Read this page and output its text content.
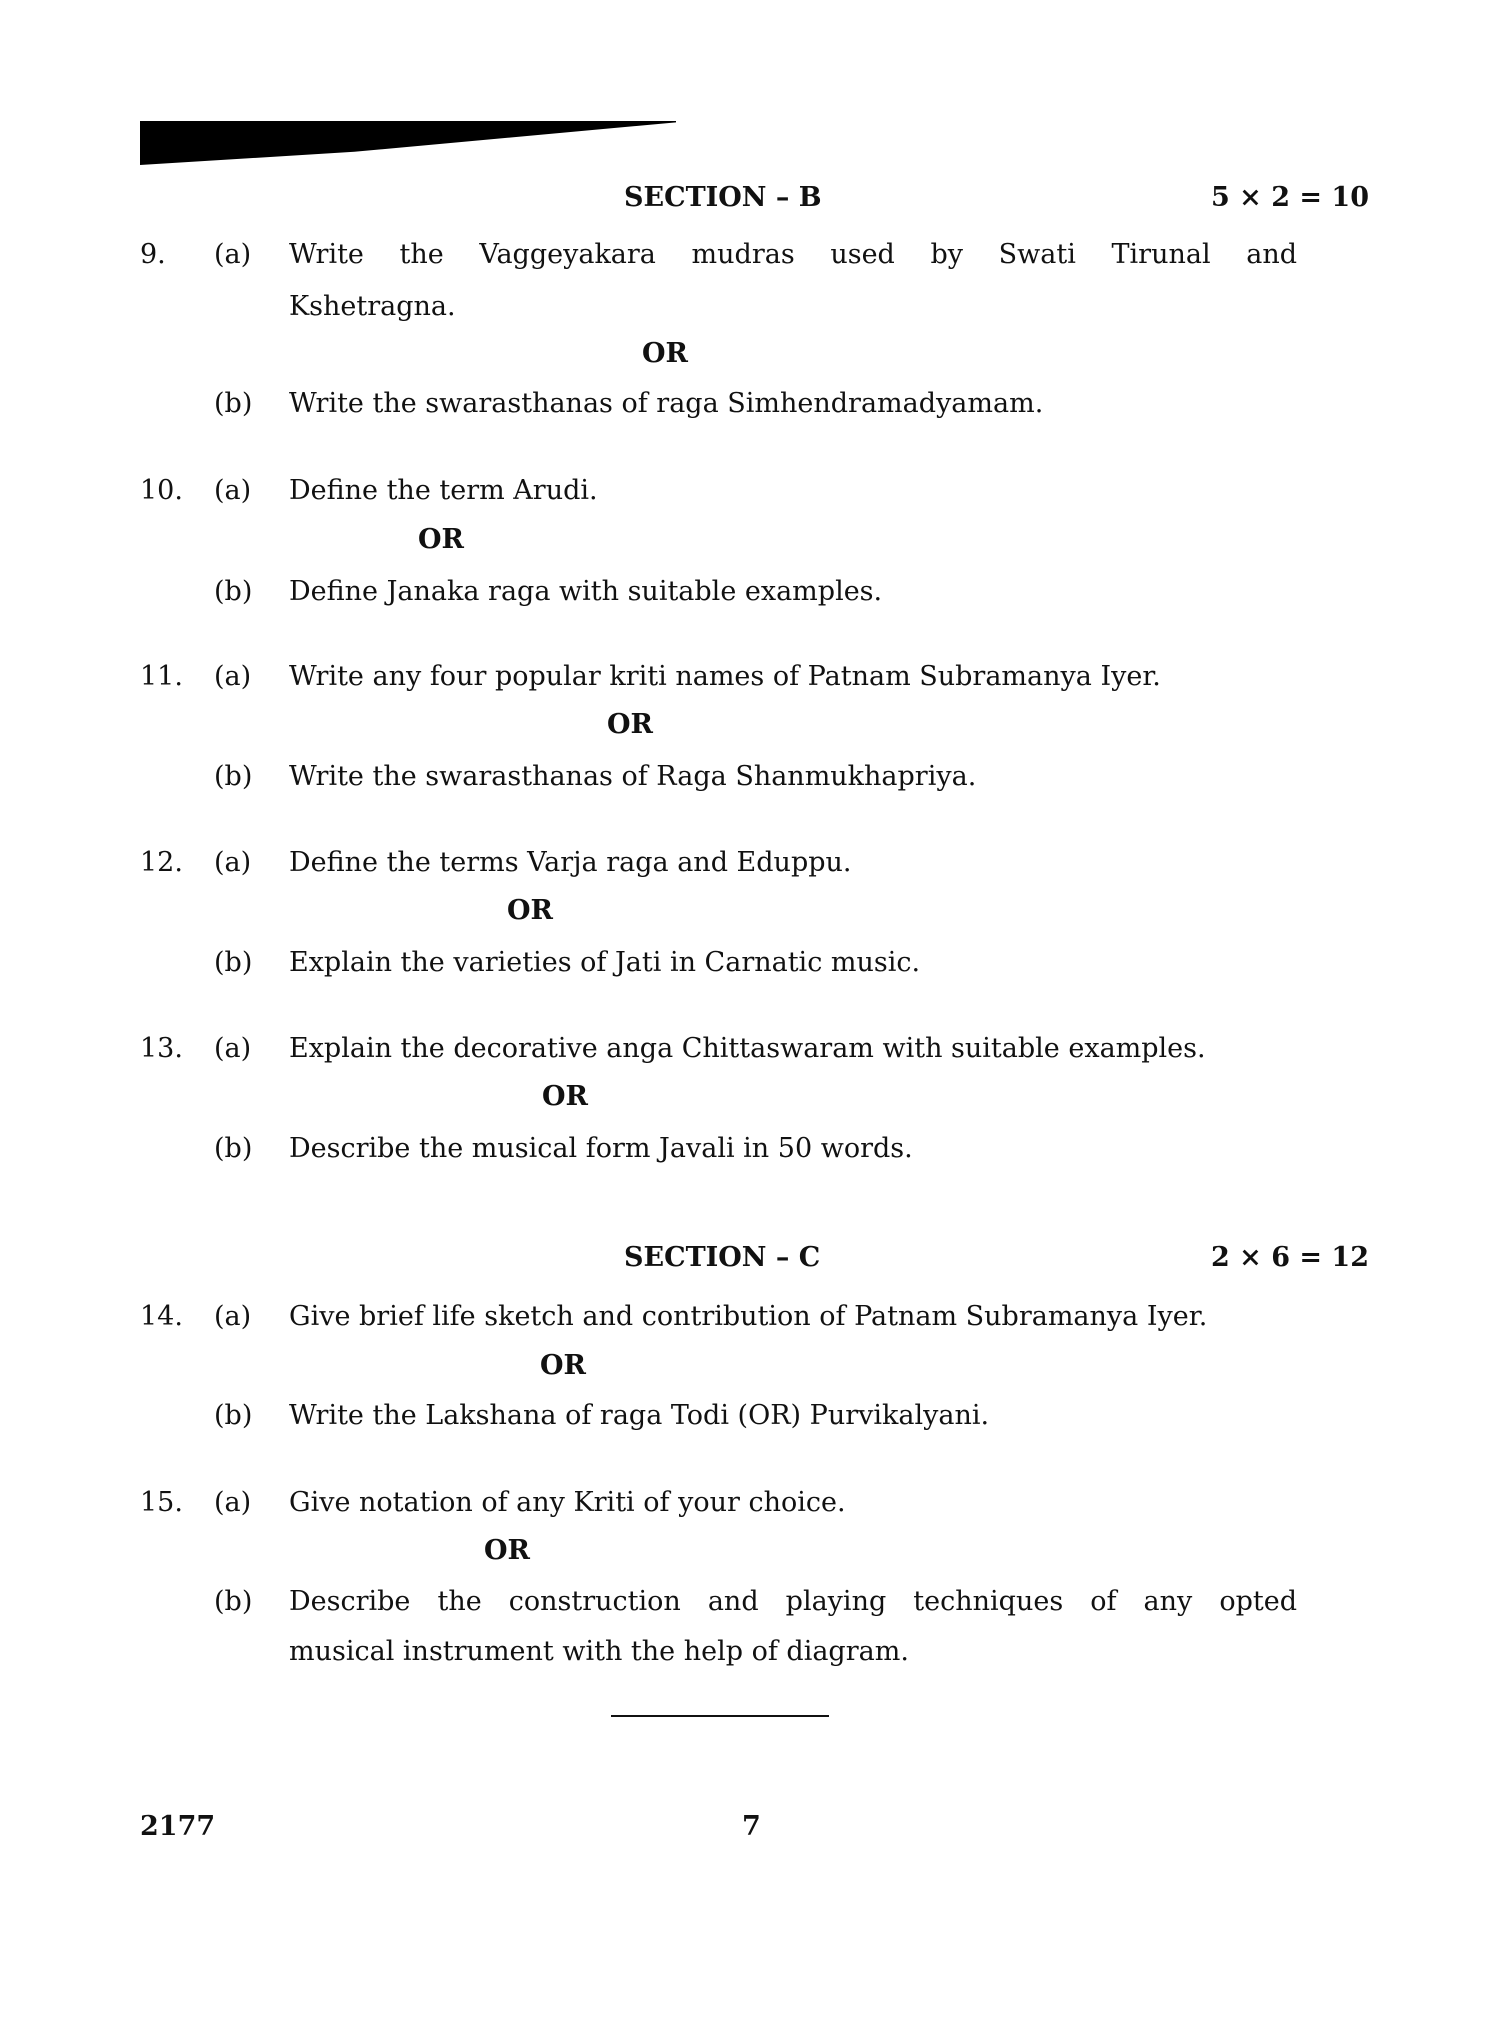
SECTION – B	5 × 2 = 10
9. (a) Write the Vaggeyakara mudras used by Swati Tirunal and
Kshetragna.
OR
(b) Write the swarasthanas of raga Simhendramadyamam.
10. (a) Define the term Arudi.
OR
(b) Define Janaka raga with suitable examples.
11. (a) Write any four popular kriti names of Patnam Subramanya Iyer.
OR
(b) Write the swarasthanas of Raga Shanmukhapriya.
12. (a) Define the terms Varja raga and Eduppu.
OR
(b) Explain the varieties of Jati in Carnatic music.
13. (a) Explain the decorative anga Chittaswaram with suitable examples.
OR
(b) Describe the musical form Javali in 50 words.
SECTION – C	2 × 6 = 12
14. (a) Give brief life sketch and contribution of Patnam Subramanya Iyer.
OR
(b) Write the Lakshana of raga Todi (OR) Purvikalyani.
15. (a) Give notation of any Kriti of your choice.
OR
(b) Describe the construction and playing techniques of any opted
musical instrument with the help of diagram.
2177	7
